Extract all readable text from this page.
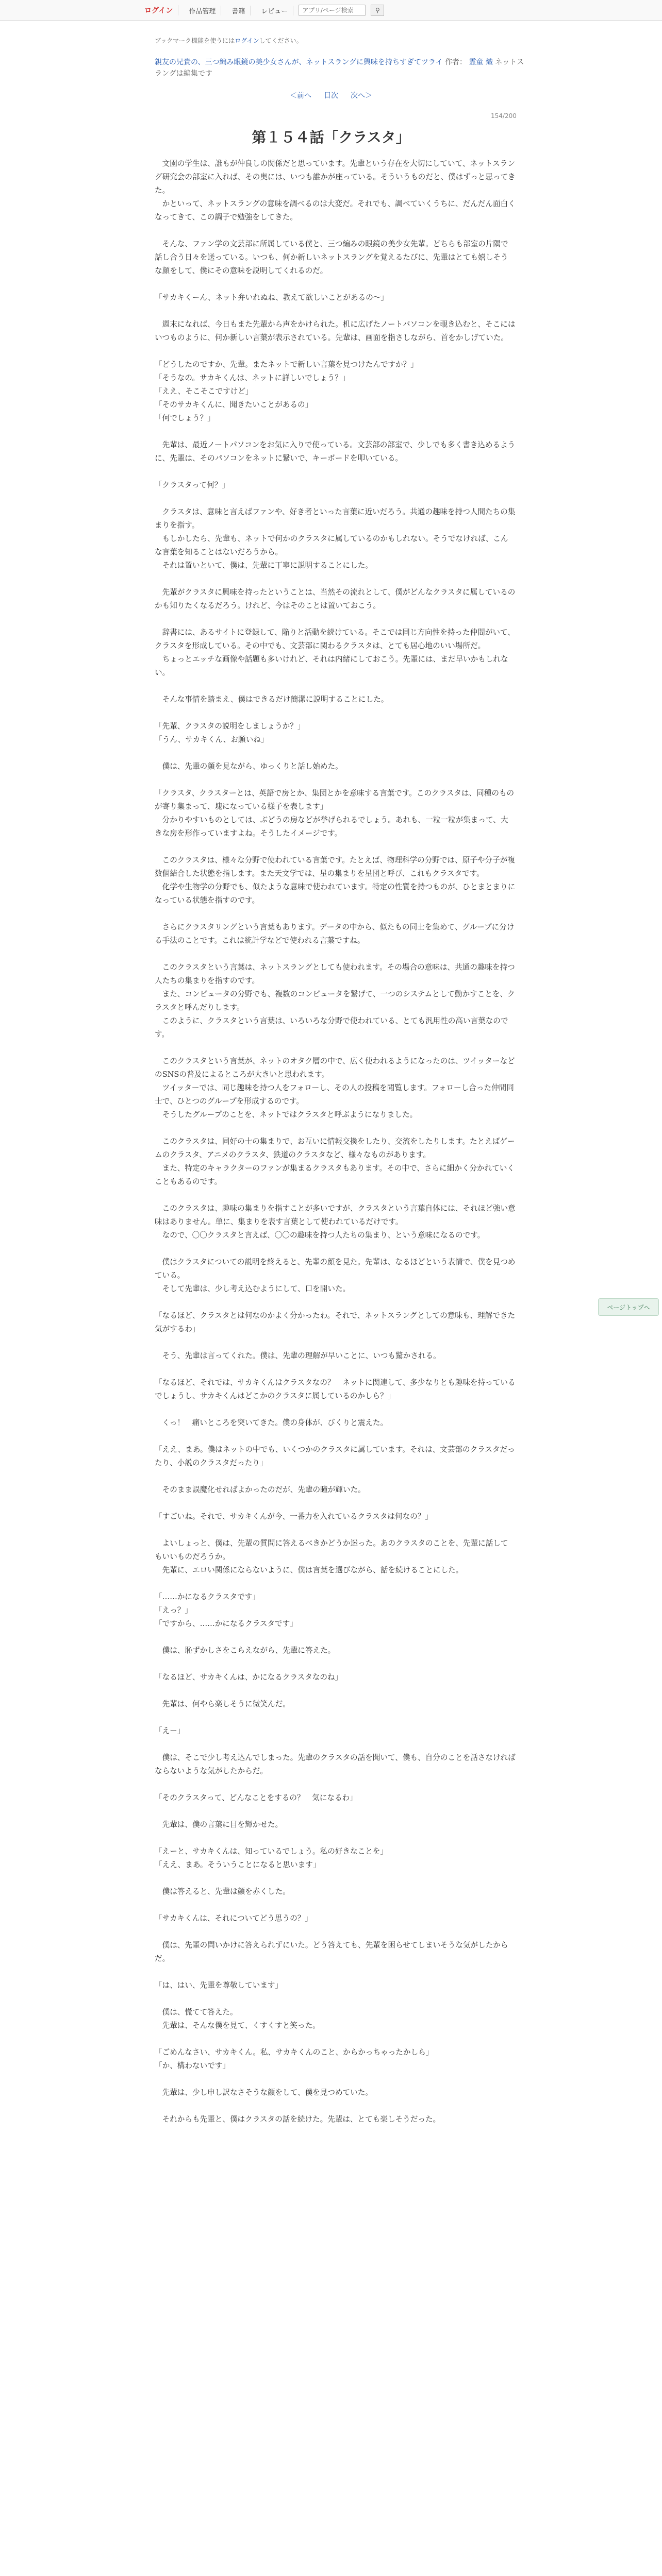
ログイン	作品管理	書籍	レビュー
アプリ/ページ検索	⚲
ブックマーク機能を使うにはログインしてください。
親友の兄貴の、三つ編み眼鏡の美少女さんが、ネットスラングに興味を持ちすぎてツライ 作者： 霊童 熾 ネットスラングは編集です
＜前へ 目次 次へ＞
154/200
第１５４話「クラスタ」

　文園の学生は、誰もが仲良しの関係だと思っています。先輩という存在を大切にしていて、ネットスラング研究会の部室に入れば、その奥には、いつも誰かが座っている。そういうものだと、僕はずっと思ってきた。

　かといって、ネットスラングの意味を調べるのは大変だ。それでも、調べていくうちに、だんだん面白くなってきて、この調子で勉強をしてきた。

　そんな、ファン学の文芸部に所属している僕と、三つ編みの眼鏡の美少女先輩。どちらも部室の片隅で話し合う日々を送っている。いつも、何か新しいネットスラングを覚えるたびに、先輩はとても嬉しそうな顔をして、僕にその意味を説明してくれるのだ。

「サカキくーん、ネット弁いれぬね、教えて欲しいことがあるの～」

　週末になれば、今日もまた先輩から声をかけられた。机に広げたノートパソコンを覗き込むと、そこにはいつものように、何か新しい言葉が表示されている。先輩は、画面を指さしながら、首をかしげていた。

「どうしたのですか、先輩。またネットで新しい言葉を見つけたんですか？」

「そうなの。サカキくんは、ネットに詳しいでしょう？」

「ええ、そこそこですけど」

「そのサカキくんに、聞きたいことがあるの」

「何でしょう？」

　先輩は、最近ノートパソコンをお気に入りで使っている。文芸部の部室で、少しでも多く書き込めるように、先輩は、そのパソコンをネットに繋いで、キーボードを叩いている。

「クラスタって何？」

　クラスタは、意味と言えばファンや、好き者といった言葉に近いだろう。共通の趣味を持つ人間たちの集まりを指す。

　もしかしたら、先輩も、ネットで何かのクラスタに属しているのかもしれない。そうでなければ、こんな言葉を知ることはないだろうから。

　それは置いといて、僕は、先輩に丁寧に説明することにした。

　先輩がクラスタに興味を持ったということは、当然その流れとして、僕がどんなクラスタに属しているのかも知りたくなるだろう。けれど、今はそのことは置いておこう。

　辞書には、あるサイトに登録して、陥りと活動を続けている。そこでは同じ方向性を持った仲間がいて、クラスタを形成している。その中でも、文芸部に関わるクラスタは、とても居心地のいい場所だ。

　ちょっとエッチな画像や話題も多いけれど、それは内緒にしておこう。先輩には、まだ早いかもしれない。

　そんな事情を踏まえ、僕はできるだけ簡潔に説明することにした。

「先輩、クラスタの説明をしましょうか？」

「うん、サカキくん、お願いね」

　僕は、先輩の顔を見ながら、ゆっくりと話し始めた。

「クラスタ、クラスターとは、英語で房とか、集団とかを意味する言葉です。このクラスタは、同種のものが寄り集まって、塊になっている様子を表します」

　分かりやすいものとしては、ぶどうの房などが挙げられるでしょう。あれも、一粒一粒が集まって、大きな房を形作っていますよね。そうしたイメージです。

　このクラスタは、様々な分野で使われている言葉です。たとえば、物理科学の分野では、原子や分子が複数個結合した状態を指します。また天文学では、星の集まりを星団と呼び、これもクラスタです。

　化学や生物学の分野でも、似たような意味で使われています。特定の性質を持つものが、ひとまとまりになっている状態を指すのです。

　さらにクラスタリングという言葉もあります。データの中から、似たもの同士を集めて、グループに分ける手法のことです。これは統計学などで使われる言葉ですね。

　このクラスタという言葉は、ネットスラングとしても使われます。その場合の意味は、共通の趣味を持つ人たちの集まりを指すのです。

　また、コンピュータの分野でも、複数のコンピュータを繋げて、一つのシステムとして動かすことを、クラスタと呼んだりします。

　このように、クラスタという言葉は、いろいろな分野で使われている、とても汎用性の高い言葉なのです。

　このクラスタという言葉が、ネットのオタク層の中で、広く使われるようになったのは、ツイッターなどのSNSの普及によるところが大きいと思われます。

　ツイッターでは、同じ趣味を持つ人をフォローし、その人の投稿を閲覧します。フォローし合った仲間同士で、ひとつのグループを形成するのです。

　そうしたグループのことを、ネットではクラスタと呼ぶようになりました。

　このクラスタは、同好の士の集まりで、お互いに情報交換をしたり、交流をしたりします。たとえばゲームのクラスタ、アニメのクラスタ、鉄道のクラスタなど、様々なものがあります。

　また、特定のキャラクターのファンが集まるクラスタもあります。その中で、さらに細かく分かれていくこともあるのです。

　このクラスタは、趣味の集まりを指すことが多いですが、クラスタという言葉自体には、それほど強い意味はありません。単に、集まりを表す言葉として使われているだけです。

　なので、〇〇クラスタと言えば、〇〇の趣味を持つ人たちの集まり、という意味になるのです。

　僕はクラスタについての説明を終えると、先輩の顔を見た。先輩は、なるほどという表情で、僕を見つめている。

　そして先輩は、少し考え込むようにして、口を開いた。

「なるほど、クラスタとは何なのかよく分かったわ。それで、ネットスラングとしての意味も、理解できた気がするわ」

　そう、先輩は言ってくれた。僕は、先輩の理解が早いことに、いつも驚かされる。

「なるほど、それでは、サカキくんはクラスタなの？　ネットに関連して、多少なりとも趣味を持っているでしょうし、サカキくんはどこかのクラスタに属しているのかしら？」

　くっ！　痛いところを突いてきた。僕の身体が、びくりと震えた。

「ええ、まあ。僕はネットの中でも、いくつかのクラスタに属しています。それは、文芸部のクラスタだったり、小説のクラスタだったり」

　そのまま誤魔化せればよかったのだが、先輩の瞳が輝いた。

「すごいね。それで、サカキくんが今、一番力を入れているクラスタは何なの？」

　よいしょっと、僕は、先輩の質問に答えるべきかどうか迷った。あのクラスタのことを、先輩に話してもいいものだろうか。

　先輩に、エロい関係にならないように、僕は言葉を選びながら、話を続けることにした。

「……かになるクラスタです」

「えっ？」

「ですから、……かになるクラスタです」

　僕は、恥ずかしさをこらえながら、先輩に答えた。

「なるほど、サカキくんは、かになるクラスタなのね」

　先輩は、何やら楽しそうに微笑んだ。

「えー」

　僕は、そこで少し考え込んでしまった。先輩のクラスタの話を聞いて、僕も、自分のことを話さなければならないような気がしたからだ。

「そのクラスタって、どんなことをするの？　気になるわ」

　先輩は、僕の言葉に目を輝かせた。

「えーと、サカキくんは、知っているでしょう。私の好きなことを」

「ええ、まあ。そういうことになると思います」

　僕は答えると、先輩は顔を赤くした。

「サカキくんは、それについてどう思うの？」

　僕は、先輩の問いかけに答えられずにいた。どう答えても、先輩を困らせてしまいそうな気がしたからだ。

「は、はい、先輩を尊敬しています」

　僕は、慌てて答えた。

　先輩は、そんな僕を見て、くすくすと笑った。

「ごめんなさい、サカキくん。私、サカキくんのこと、からかっちゃったかしら」

「か、構わないです」

　先輩は、少し申し訳なさそうな顔をして、僕を見つめていた。

　それからも先輩と、僕はクラスタの話を続けた。先輩は、とても楽しそうだった。

ページトップへ
